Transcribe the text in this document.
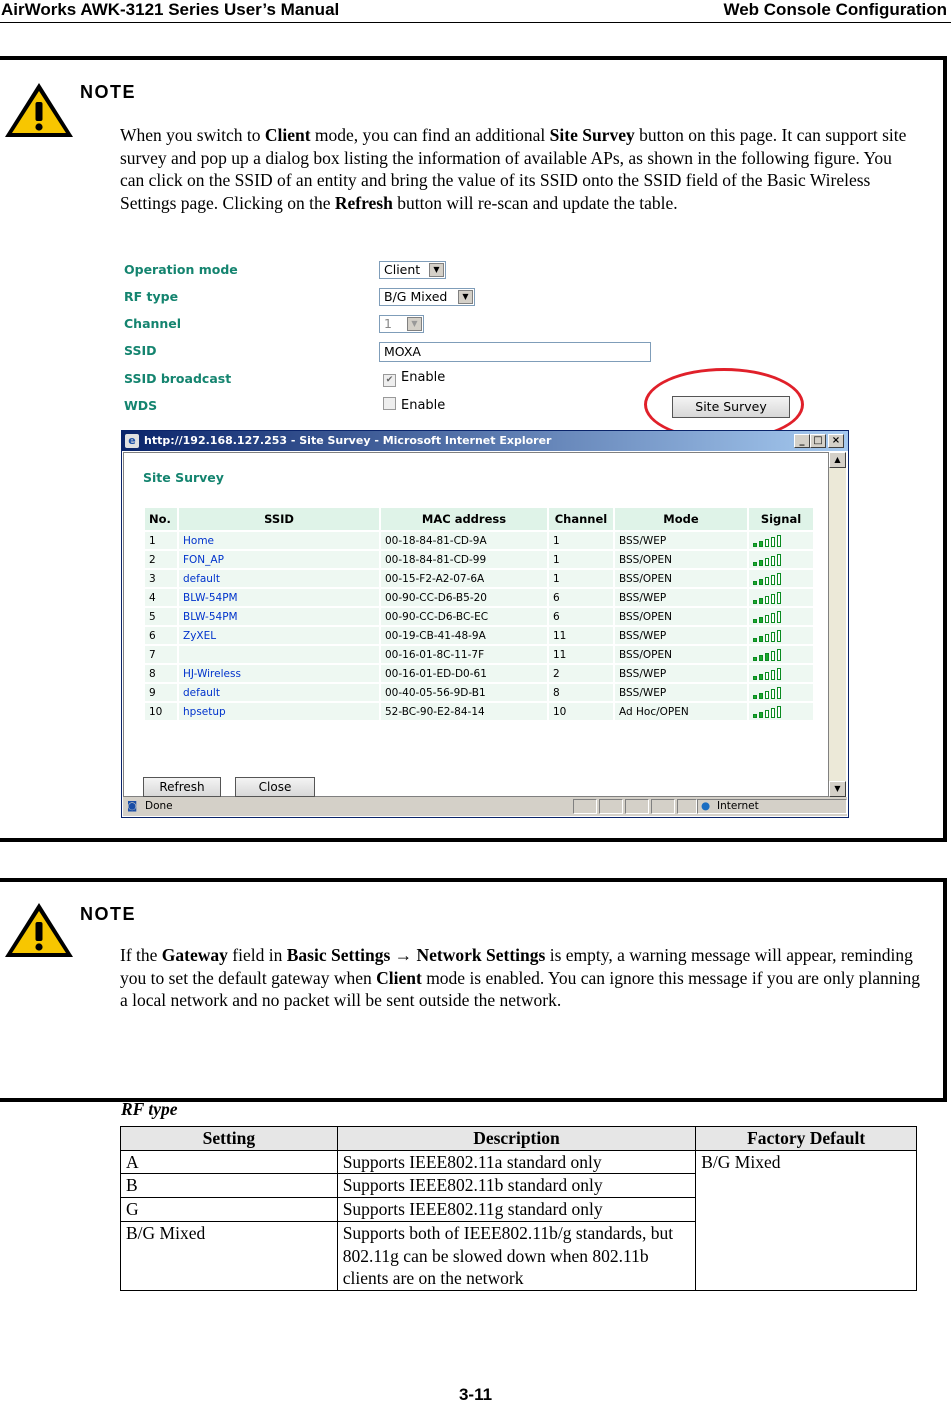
AirWorks AWK-3121 Series User’s Manual	Web Console Configuration
NOTE
When you switch to Client mode, you can find an additional Site Survey button on this page. It can support site survey and pop up a dialog box listing the information of available APs, as shown in the following figure. You can click on the SSID of an entity and bring the value of its SSID onto the SSID field of the Basic Wireless Settings page. Clicking on the Refresh button will re-scan and update the table.
Operation mode	Client	▼
RF type	B/G Mixed	▼
Channel	1	▼
SSID	MOXA
Site Survey
SSID broadcast	✔ Enable
WDS	Enable
e http://192.168.127.253 - Site Survey - Microsoft Internet Explorer	_ □ ×
Site Survey
No.	SSID	MAC address	Channel	Mode	Signal
1	Home	00-18-84-81-CD-9A	1	BSS/WEP	

2	FON_AP	00-18-84-81-CD-99	1	BSS/OPEN	

3	default	00-15-F2-A2-07-6A	1	BSS/OPEN	

4	BLW-54PM	00-90-CC-D6-B5-20	6	BSS/WEP	

5	BLW-54PM	00-90-CC-D6-BC-EC	6	BSS/OPEN	

6	ZyXEL	00-19-CB-41-48-9A	11	BSS/WEP	

7		00-16-01-8C-11-7F	11	BSS/OPEN	

8	HJ-Wireless	00-16-01-ED-D0-61	2	BSS/WEP	

9	default	00-40-05-56-9D-B1	8	BSS/WEP	

10	hpsetup	52-BC-90-E2-84-14	10	Ad Hoc/OPEN	
Refresh	Close
▲
▼
◙ Done	● Internet
NOTE
If the Gateway field in Basic Settings → Network Settings is empty, a warning message will appear, reminding you to set the default gateway when Client mode is enabled. You can ignore this message if you are only planning a local network and no packet will be sent outside the network.
RF type
Setting	Description	Factory Default
A	Supports IEEE802.11a standard only	B/G Mixed
B	Supports IEEE802.11b standard only	
G	Supports IEEE802.11g standard only	
B/G Mixed	Supports both of IEEE802.11b/g standards, but 802.11g can be slowed down when 802.11b clients are on the network	
3-11
